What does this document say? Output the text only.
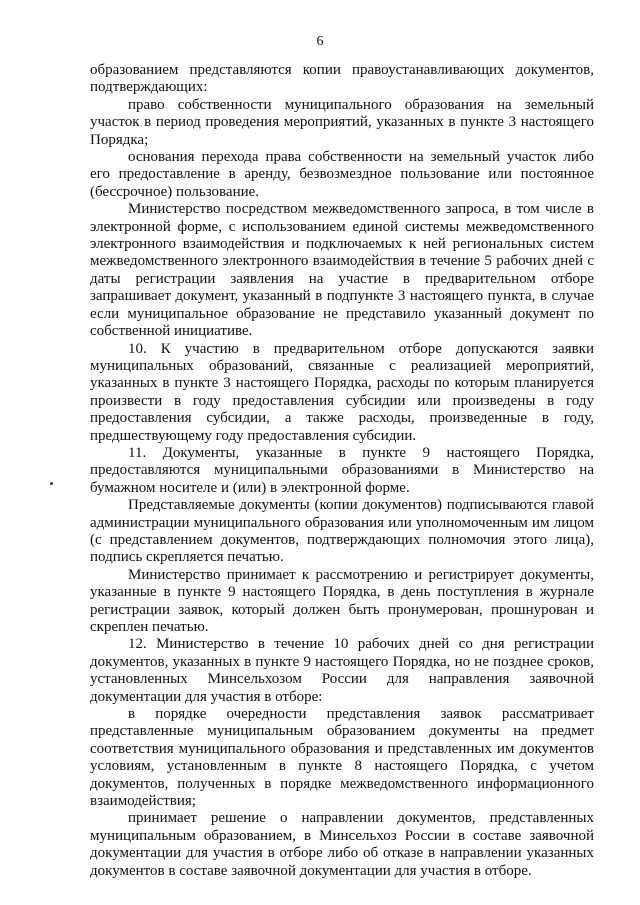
6

образованием представляются копии правоустанавливающих документов, подтверждающих:

право собственности муниципального образования на земельный участок в период проведения мероприятий, указанных в пункте 3 настоящего Порядка;

основания перехода права собственности на земельный участок либо его предоставление в аренду, безвозмездное пользование или постоянное (бессрочное) пользование.

Министерство посредством межведомственного запроса, в том числе в электронной форме, с использованием единой системы межведомственного электронного взаимодействия и подключаемых к ней региональных систем межведомственного электронного взаимодействия в течение 5 рабочих дней с даты регистрации заявления на участие в предварительном отборе запрашивает документ, указанный в подпункте 3 настоящего пункта, в случае если муниципальное образование не представило указанный документ по собственной инициативе.

10. К участию в предварительном отборе допускаются заявки муниципальных образований, связанные с реализацией мероприятий, указанных в пункте 3 настоящего Порядка, расходы по которым планируется произвести в году предоставления субсидии или произведены в году предоставления субсидии, а также расходы, произведенные в году, предшествующему году предоставления субсидии.

11. Документы, указанные в пункте 9 настоящего Порядка, предоставляются муниципальными образованиями в Министерство на бумажном носителе и (или) в электронной форме.

Представляемые документы (копии документов) подписываются главой администрации муниципального образования или уполномоченным им лицом (с представлением документов, подтверждающих полномочия этого лица), подпись скрепляется печатью.

Министерство принимает к рассмотрению и регистрирует документы, указанные в пункте 9 настоящего Порядка, в день поступления в журнале регистрации заявок, который должен быть пронумерован, прошнурован и скреплен печатью.

12. Министерство в течение 10 рабочих дней со дня регистрации документов, указанных в пункте 9 настоящего Порядка, но не позднее сроков, установленных Минсельхозом России для направления заявочной документации для участия в отборе:

в порядке очередности представления заявок рассматривает представленные муниципальным образованием документы на предмет соответствия муниципального образования и представленных им документов условиям, установленным в пункте 8 настоящего Порядка, с учетом документов, полученных в порядке межведомственного информационного взаимодействия;

принимает решение о направлении документов, представленных муниципальным образованием, в Минсельхоз России в составе заявочной документации для участия в отборе либо об отказе в направлении указанных документов в составе заявочной документации для участия в отборе.
